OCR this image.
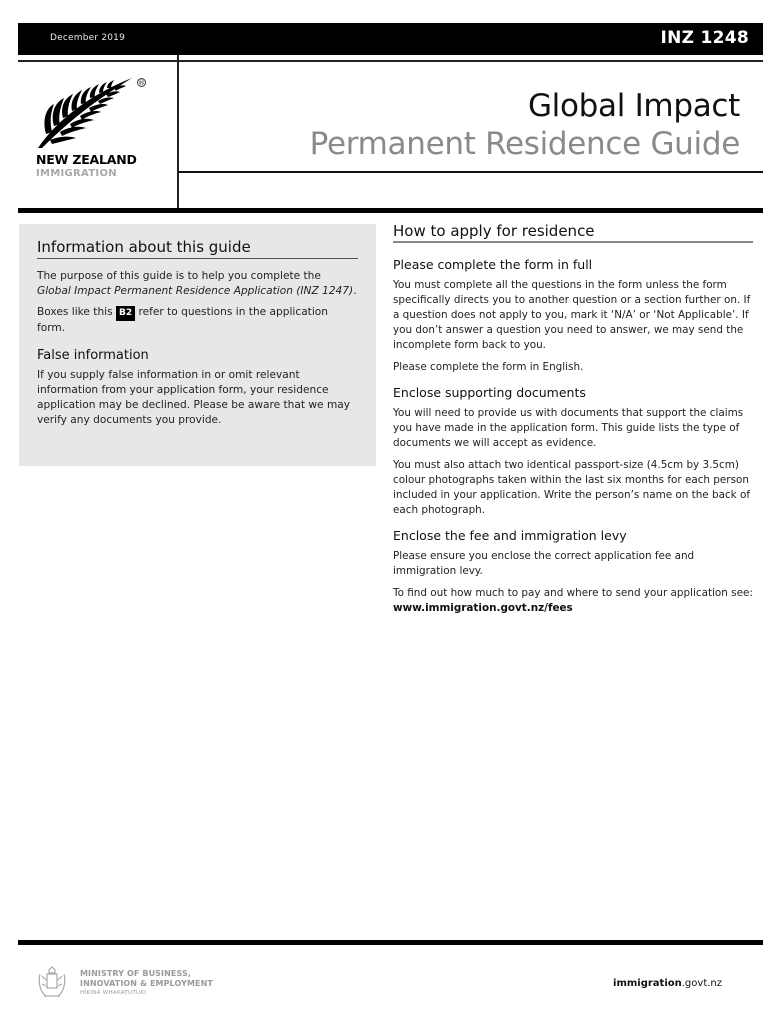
December 2019	INZ 1248
®
NEW ZEALAND
IMMIGRATION
Global Impact
Permanent Residence Guide
Information about this guide

The purpose of this guide is to help you complete the Global Impact Permanent Residence Application (INZ 1247).

Boxes like this B2 refer to questions in the application form.

False information

If you supply false information in or omit relevant information from your application form, your residence application may be declined. Please be aware that we may verify any documents you provide.

How to apply for residence
Please complete the form in full

You must complete all the questions in the form unless the form specifically directs you to another question or a section further on. If a question does not apply to you, mark it ‘N/A’ or ‘Not Applicable’. If you don’t answer a question you need to answer, we may send the incomplete form back to you.

Please complete the form in English.

Enclose supporting documents

You will need to provide us with documents that support the claims you have made in the application form. This guide lists the type of documents we will accept as evidence.

You must also attach two identical passport-size (4.5cm by 3.5cm) colour photographs taken within the last six months for each person included in your application. Write the person’s name on the back of each photograph.

Enclose the fee and immigration levy

Please ensure you enclose the correct application fee and immigration levy.

To find out how much to pay and where to send your application see:
www.immigration.govt.nz/fees

MINISTRY OF BUSINESS,
INNOVATION & EMPLOYMENT
HĪKINA WHAKATUTUKI
immigration.govt.nz
